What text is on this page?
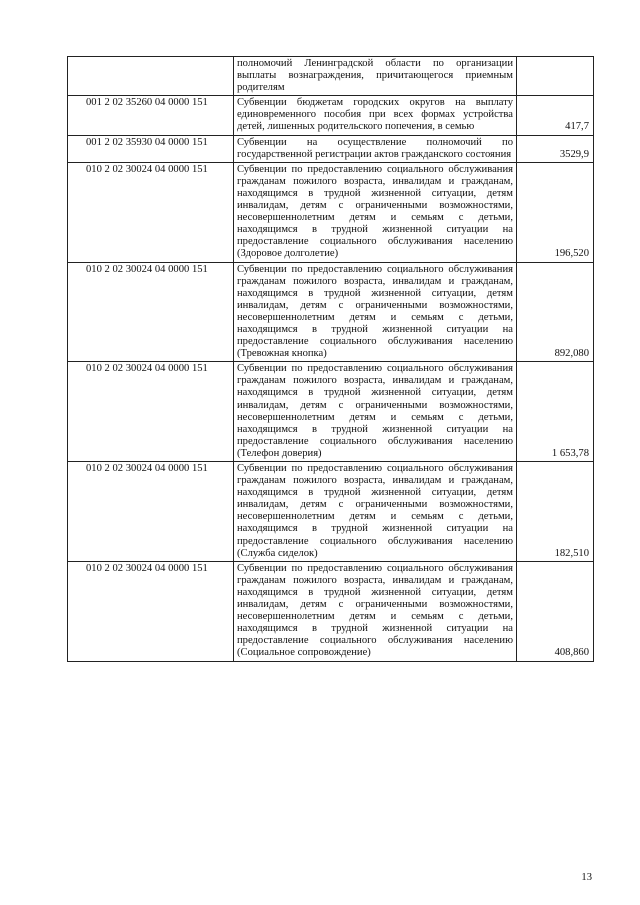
	полномочий Ленинградской области по организации выплаты вознаграждения, причитающегося приемным родителям	
001 2 02 35260 04 0000 151	Субвенции бюджетам городских округов на выплату единовременного пособия при всех формах устройства детей, лишенных родительского попечения, в семью	417,7
001 2 02 35930 04 0000 151	Субвенции на осуществление полномочий по государственной регистрации актов гражданского состояния	3529,9
010 2 02 30024 04 0000 151	Субвенции по предоставлению социального обслуживания гражданам пожилого возраста, инвалидам и гражданам, находящимся в трудной жизненной ситуации, детям инвалидам, детям с ограниченными возможностями, несовершеннолетним детям и семьям с детьми, находящимся в трудной жизненной ситуации на предоставление социального обслуживания населению (Здоровое долголетие)	196,520
010 2 02 30024 04 0000 151	Субвенции по предоставлению социального обслуживания гражданам пожилого возраста, инвалидам и гражданам, находящимся в трудной жизненной ситуации, детям инвалидам, детям с ограниченными возможностями, несовершеннолетним детям и семьям с детьми, находящимся в трудной жизненной ситуации на предоставление социального обслуживания населению (Тревожная кнопка)	892,080
010 2 02 30024 04 0000 151	Субвенции по предоставлению социального обслуживания гражданам пожилого возраста, инвалидам и гражданам, находящимся в трудной жизненной ситуации, детям инвалидам, детям с ограниченными возможностями, несовершеннолетним детям и семьям с детьми, находящимся в трудной жизненной ситуации на предоставление социального обслуживания населению (Телефон доверия)	1 653,78
010 2 02 30024 04 0000 151	Субвенции по предоставлению социального обслуживания гражданам пожилого возраста, инвалидам и гражданам, находящимся в трудной жизненной ситуации, детям инвалидам, детям с ограниченными возможностями, несовершеннолетним детям и семьям с детьми, находящимся в трудной жизненной ситуации на предоставление социального обслуживания населению (Служба сиделок)	182,510
010 2 02 30024 04 0000 151	Субвенции по предоставлению социального обслуживания гражданам пожилого возраста, инвалидам и гражданам, находящимся в трудной жизненной ситуации, детям инвалидам, детям с ограниченными возможностями, несовершеннолетним детям и семьям с детьми, находящимся в трудной жизненной ситуации на предоставление социального обслуживания населению (Социальное сопровождение)	408,860
13
